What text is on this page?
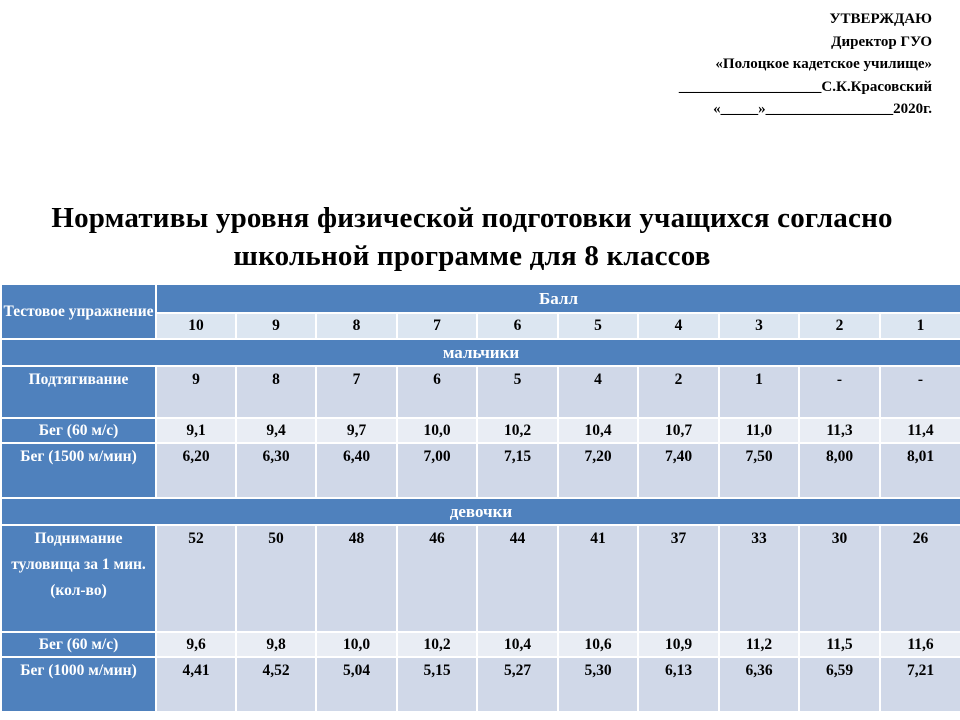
УТВЕРЖДАЮ
Директор ГУО
«Полоцкое кадетское училище»
___________________С.К.Красовский
«_____»_________________2020г.
Нормативы уровня физической подготовки учащихся согласно
школьной программе для 8 классов
Тестовое упражнение	Балл									
	10	9	8	7	6	5	4	3	2	1
мальчики										
Подтягивание	9	8	7	6	5	4	2	1	-	-
Бег (60 м/с)	9,1	9,4	9,7	10,0	10,2	10,4	10,7	11,0	11,3	11,4
Бег (1500 м/мин)	6,20	6,30	6,40	7,00	7,15	7,20	7,40	7,50	8,00	8,01
девочки										
Поднимание туловища за 1 мин. (кол-во)	52	50	48	46	44	41	37	33	30	26
Бег (60 м/с)	9,6	9,8	10,0	10,2	10,4	10,6	10,9	11,2	11,5	11,6
Бег (1000 м/мин)	4,41	4,52	5,04	5,15	5,27	5,30	6,13	6,36	6,59	7,21
